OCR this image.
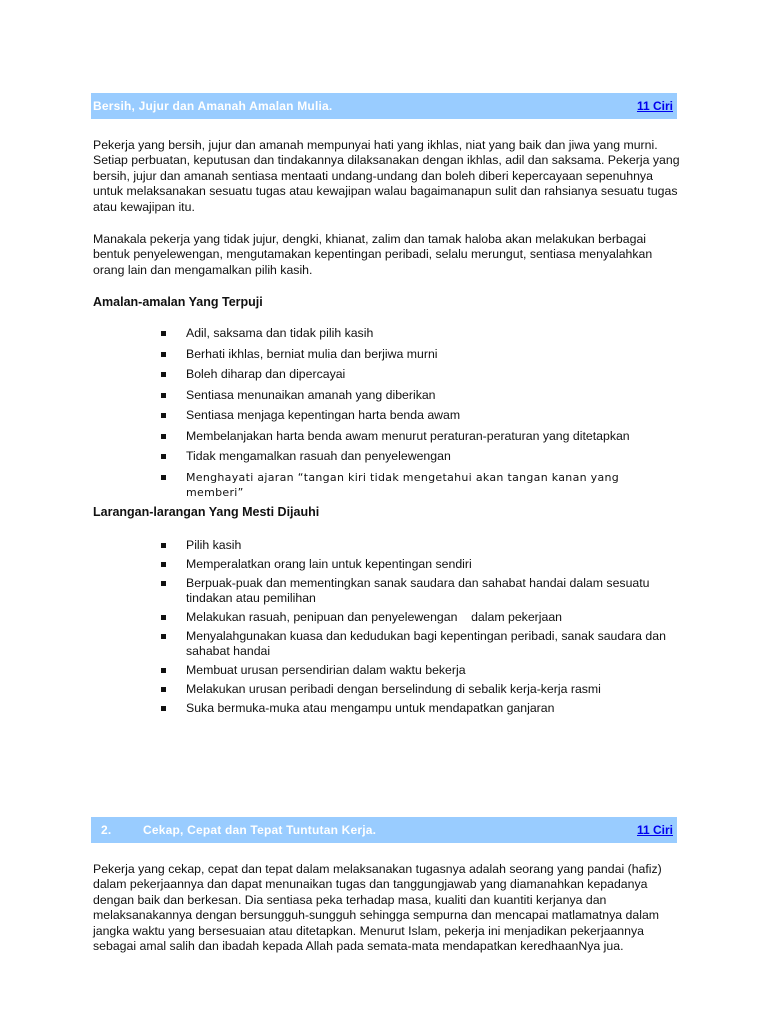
Bersih, Jujur dan Amanah Amalan Mulia.	11 Ciri

Pekerja yang bersih, jujur dan amanah mempunyai hati yang ikhlas, niat yang baik dan jiwa yang murni. Setiap perbuatan, keputusan dan tindakannya dilaksanakan dengan ikhlas, adil dan saksama. Pekerja yang bersih, jujur dan amanah sentiasa mentaati undang-undang dan boleh diberi kepercayaan sepenuhnya untuk melaksanakan sesuatu tugas atau kewajipan walau bagaimanapun sulit dan rahsianya sesuatu tugas atau kewajipan itu.

Manakala pekerja yang tidak jujur, dengki, khianat, zalim dan tamak haloba akan melakukan berbagai bentuk penyelewengan, mengutamakan kepentingan peribadi, selalu merungut, sentiasa menyalahkan orang lain dan mengamalkan pilih kasih.

Amalan-amalan Yang Terpuji
Adil, saksama dan tidak pilih kasih
Berhati ikhlas, berniat mulia dan berjiwa murni
Boleh diharap dan dipercayai
Sentiasa menunaikan amanah yang diberikan
Sentiasa menjaga kepentingan harta benda awam
Membelanjakan harta benda awam menurut peraturan-peraturan yang ditetapkan
Tidak mengamalkan rasuah dan penyelewengan
Menghayati ajaran “tangan kiri tidak mengetahui akan tangan kanan yang memberi”
Larangan-larangan Yang Mesti Dijauhi
Pilih kasih
Memperalatkan orang lain untuk kepentingan sendiri
Berpuak-puak dan mementingkan sanak saudara dan sahabat handai dalam sesuatu tindakan atau pemilihan
Melakukan rasuah, penipuan dan penyelewengan    dalam pekerjaan
Menyalahgunakan kuasa dan kedudukan bagi kepentingan peribadi, sanak saudara dan sahabat handai
Membuat urusan persendirian dalam waktu bekerja
Melakukan urusan peribadi dengan berselindung di sebalik kerja-kerja rasmi
Suka bermuka-muka atau mengampu untuk mendapatkan ganjaran
2.	Cekap, Cepat dan Tepat Tuntutan Kerja.	11 Ciri

Pekerja yang cekap, cepat dan tepat dalam melaksanakan tugasnya adalah seorang yang pandai (hafiz) dalam pekerjaannya dan dapat menunaikan tugas dan tanggungjawab yang diamanahkan kepadanya dengan baik dan berkesan. Dia sentiasa peka terhadap masa, kualiti dan kuantiti kerjanya dan melaksanakannya dengan bersungguh-sungguh sehingga sempurna dan mencapai matlamatnya dalam jangka waktu yang bersesuaian atau ditetapkan. Menurut Islam, pekerja ini menjadikan pekerjaannya sebagai amal salih dan ibadah kepada Allah pada semata-mata mendapatkan keredhaanNya jua.
